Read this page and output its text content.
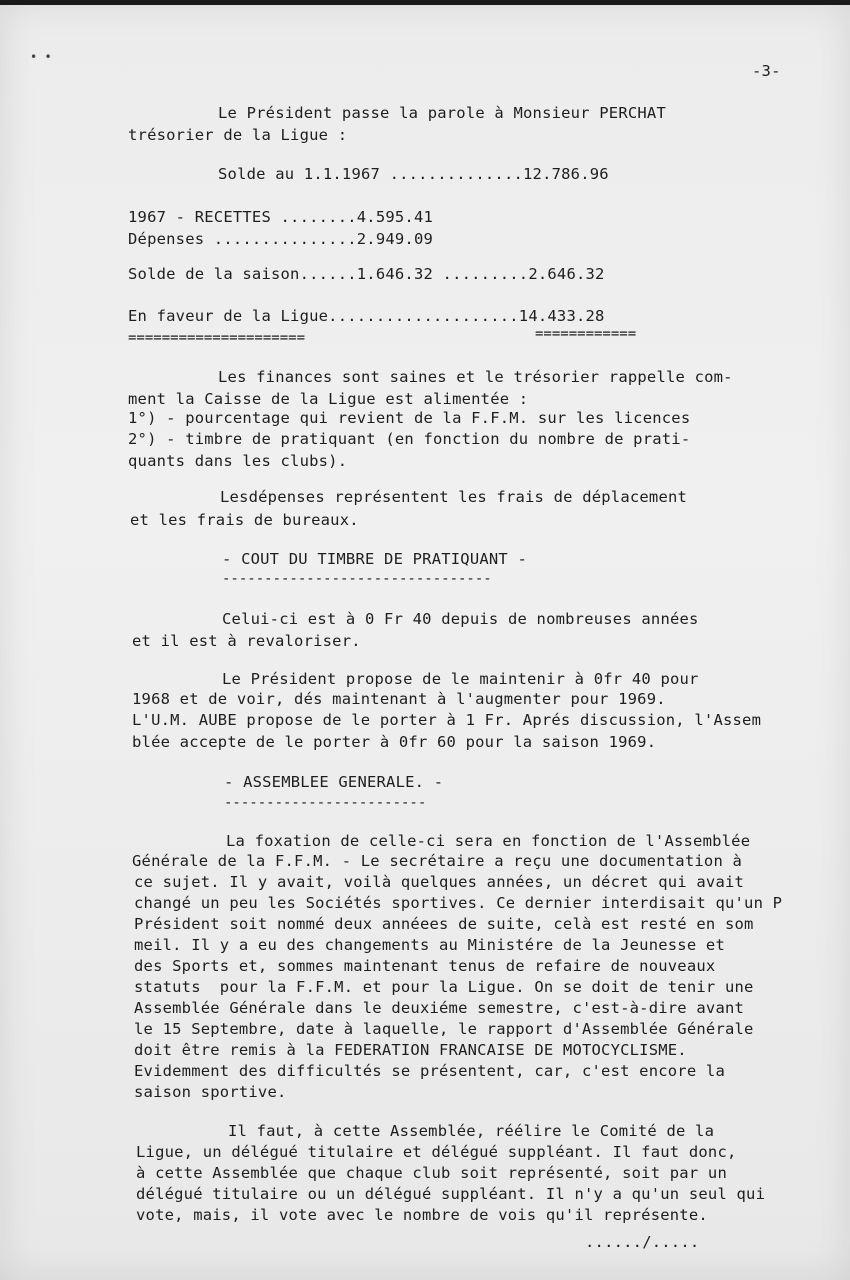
• •
-3-
Le Président passe la parole à Monsieur PERCHAT
trésorier de la Ligue :
Solde au 1.1.1967 ..............12.786.96
1967 - RECETTES ........4.595.41
Dépenses ...............2.949.09
Solde de la saison......1.646.32 .........2.646.32
En faveur de la Ligue....................14.433.28
=====================	============
Les finances sont saines et le trésorier rappelle com-
ment la Caisse de la Ligue est alimentée :
1°) - pourcentage qui revient de la F.F.M. sur les licences
2°) - timbre de pratiquant (en fonction du nombre de prati-
quants dans les clubs).
Lesdépenses représentent les frais de déplacement
et les frais de bureaux.
- COUT DU TIMBRE DE PRATIQUANT -
--------------------------------
Celui-ci est à 0 Fr 40 depuis de nombreuses années
et il est à revaloriser.
Le Président propose de le maintenir à 0fr 40 pour
1968 et de voir, dés maintenant à l'augmenter pour 1969.
L'U.M. AUBE propose de le porter à 1 Fr. Aprés discussion, l'Assem
blée accepte de le porter à 0fr 60 pour la saison 1969.
- ASSEMBLEE GENERALE. -
------------------------
La foxation de celle-ci sera en fonction de l'Assemblée
Générale de la F.F.M. - Le secrétaire a reçu une documentation à
ce sujet. Il y avait, voilà quelques années, un décret qui avait
changé un peu les Sociétés sportives. Ce dernier interdisait qu'un P
Président soit nommé deux annéees de suite, celà est resté en som
meil. Il y a eu des changements au Ministére de la Jeunesse et
des Sports et, sommes maintenant tenus de refaire de nouveaux
statuts  pour la F.F.M. et pour la Ligue. On se doit de tenir une
Assemblée Générale dans le deuxiéme semestre, c'est-à-dire avant
le 15 Septembre, date à laquelle, le rapport d'Assemblée Générale
doit être remis à la FEDERATION FRANCAISE DE MOTOCYCLISME.
Evidemment des difficultés se présentent, car, c'est encore la
saison sportive.
Il faut, à cette Assemblée, réélire le Comité de la
Ligue, un délégué titulaire et délégué suppléant. Il faut donc,
à cette Assemblée que chaque club soit représenté, soit par un
délégué titulaire ou un délégué suppléant. Il n'y a qu'un seul qui
vote, mais, il vote avec le nombre de vois qu'il représente.
....../.....
